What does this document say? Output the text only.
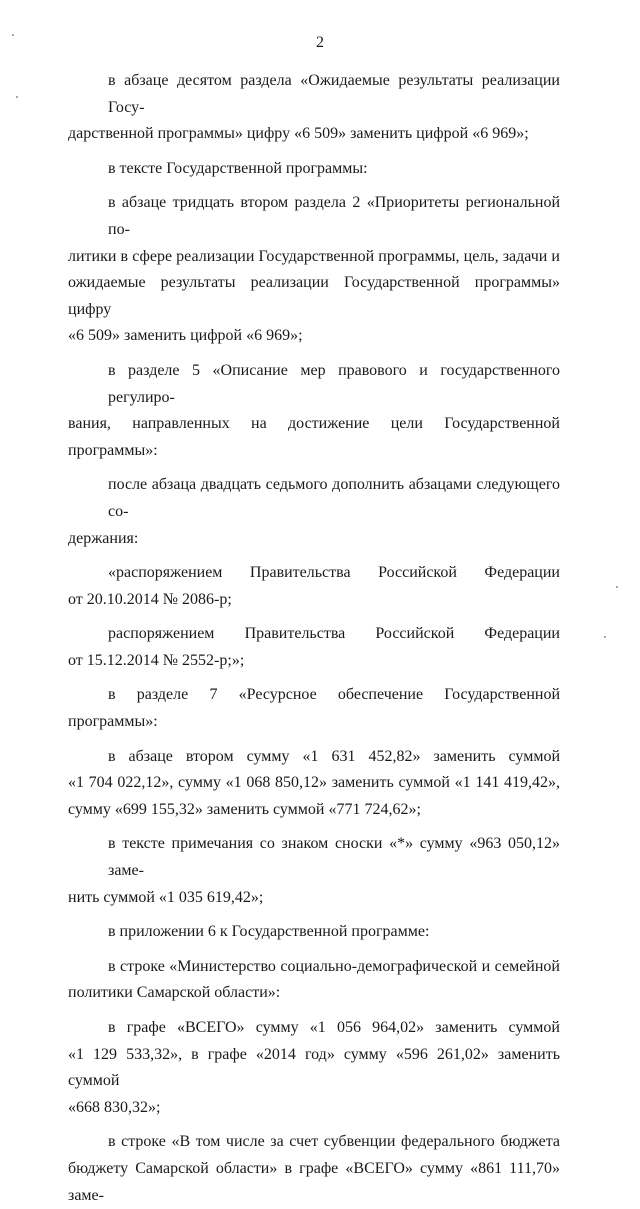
2
в абзаце десятом раздела «Ожидаемые результаты реализации Госу-
дарственной программы» цифру «6 509» заменить цифрой «6 969»;
в тексте Государственной программы:
в абзаце тридцать втором раздела 2 «Приоритеты региональной по-
литики в сфере реализации Государственной программы, цель, задачи и
ожидаемые результаты реализации Государственной программы» цифру
«6 509» заменить цифрой «6 969»;
в разделе 5 «Описание мер правового и государственного регулиро-
вания, направленных на достижение цели Государственной программы»:
после абзаца двадцать седьмого дополнить абзацами следующего со-
держания:
«распоряжением Правительства Российской Федерации
от 20.10.2014 № 2086-р;
распоряжением Правительства Российской Федерации
от 15.12.2014 № 2552-р;»;
в разделе 7 «Ресурсное обеспечение Государственной программы»:
в абзаце втором сумму «1 631 452,82» заменить суммой
«1 704 022,12», сумму «1 068 850,12» заменить суммой «1 141 419,42»,
сумму «699 155,32» заменить суммой «771 724,62»;
в тексте примечания со знаком сноски «*» сумму «963 050,12» заме-
нить суммой «1 035 619,42»;
в приложении 6 к Государственной программе:
в строке «Министерство социально-демографической и семейной
политики Самарской области»:
в графе «ВСЕГО» сумму «1 056 964,02» заменить суммой
«1 129 533,32», в графе «2014 год» сумму «596 261,02» заменить суммой
«668 830,32»;
в строке «В том числе за счет субвенции федерального бюджета
бюджету Самарской области» в графе «ВСЕГО» сумму «861 111,70» заме-
